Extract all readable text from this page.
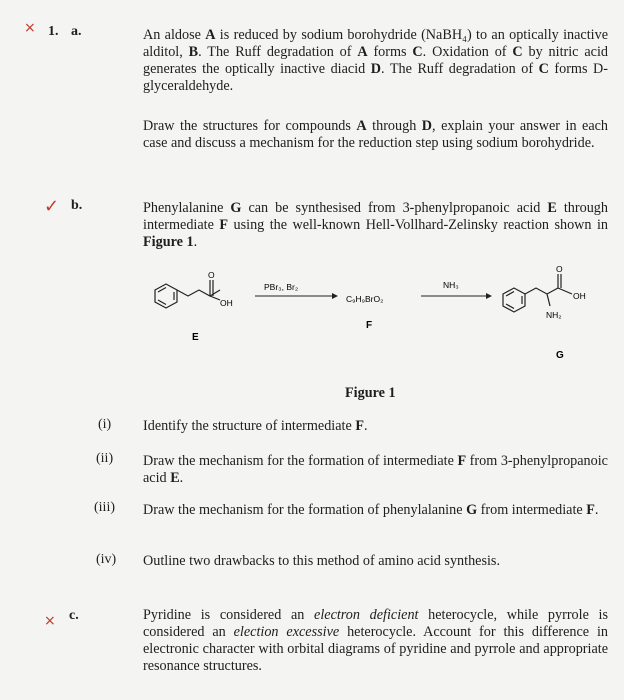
×
✓
×
1. a.	An aldose A is reduced by sodium borohydride (NaBH₄) to an optically inactive alditol, B. The Ruff degradation of A forms C. Oxidation of C by nitric acid generates the optically inactive diacid D. The Ruff degradation of C forms D-glyceraldehyde.
Draw the structures for compounds A through D, explain your answer in each case and discuss a mechanism for the reduction step using sodium borohydride.
b.	Phenylalanine G can be synthesised from 3-phenylpropanoic acid E through intermediate F using the well-known Hell-Vollhard-Zelinsky reaction shown in Figure 1.
O
OH
E
PBr₃, Br₂
C₉H₉BrO₂
F
NH₃
O
OH
NH₂
G
Figure 1
(i) Identify the structure of intermediate F.
(ii) Draw the mechanism for the formation of intermediate F from 3-phenylpropanoic acid E.
(iii) Draw the mechanism for the formation of phenylalanine G from intermediate F.
(iv) Outline two drawbacks to this method of amino acid synthesis.
c.	Pyridine is considered an electron deficient heterocycle, while pyrrole is considered an election excessive heterocycle. Account for this difference in electronic character with orbital diagrams of pyridine and pyrrole and appropriate resonance structures.
